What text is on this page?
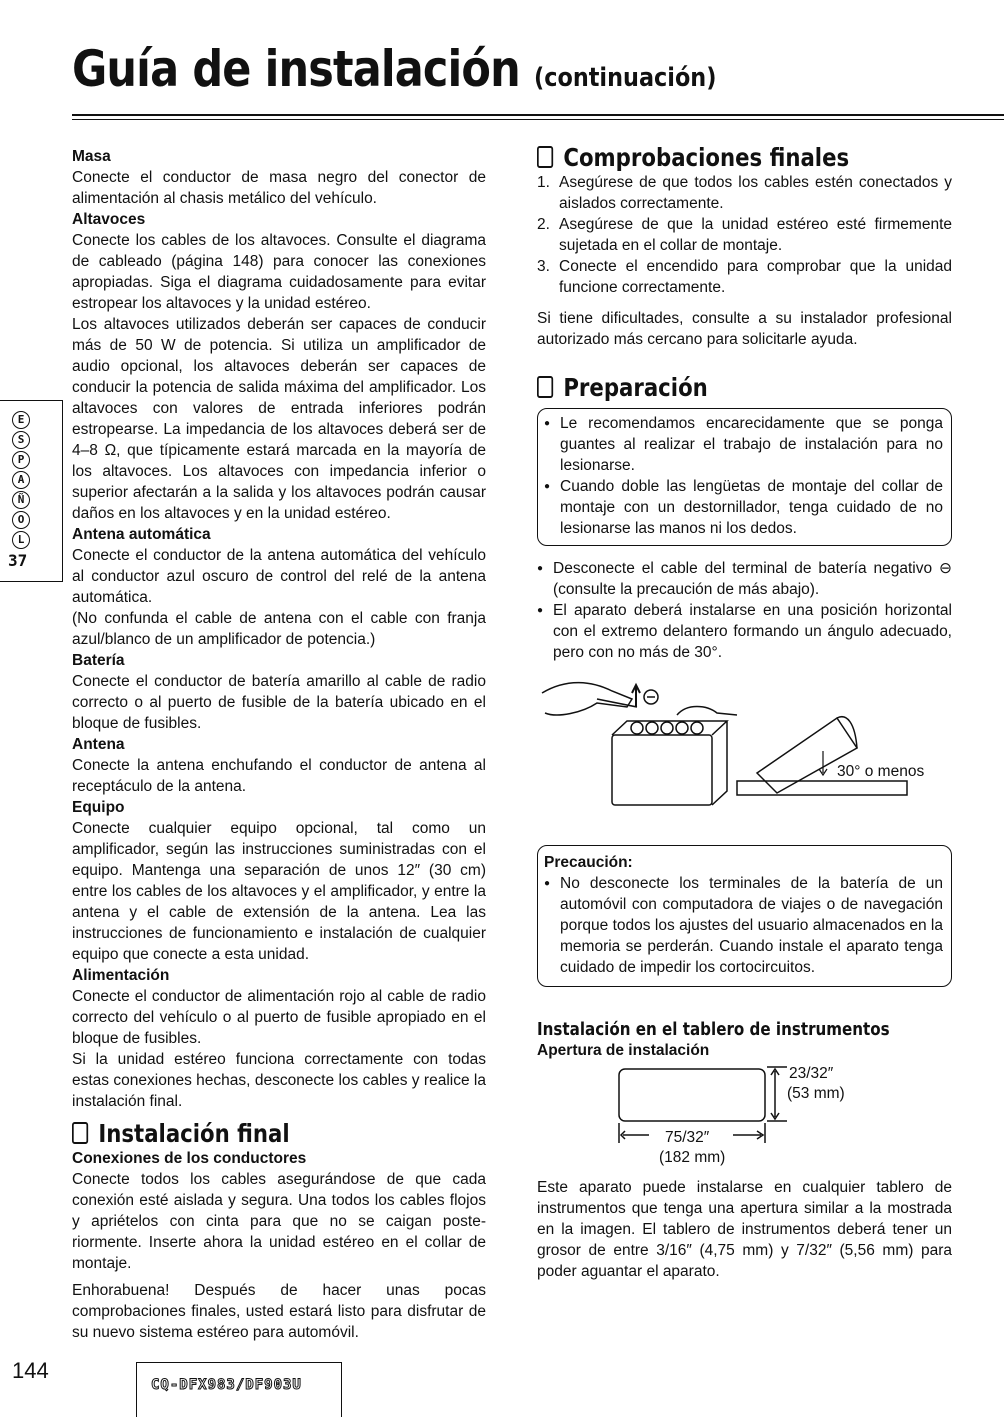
Guía de instalación (continuación)
E
S
P
A
Ñ
O
L
37
Masa

Conecte el conductor de masa negro del conector de alimentación al chasis metálico del vehículo.

Altavoces

Conecte los cables de los altavoces. Consulte el diagrama de cableado (página 148) para conocer las conexiones apropiadas. Siga el diagrama cuidadosamente para evitar estropear los altavoces y la unidad estéreo.

Los altavoces utilizados deberán ser capaces de conducir más de 50 W de potencia. Si utiliza un amplificador de audio opcional, los altavoces deberán ser capaces de conducir la potencia de salida máxima del amplificador. Los altavoces con valores de entrada inferiores podrán estropearse. La impedancia de los altavoces deberá ser de 4–8 Ω, que típicamente estará marcada en la mayoría de los altavoces. Los altavoces con impedancia inferior o superior afectarán a la salida y los altavoces podrán causar daños en los altavoces y en la unidad estéreo.

Antena automática

Conecte el conductor de la antena automática del vehículo al conductor azul oscuro de control del relé de la antena automática.

(No confunda el cable de antena con el cable con franja azul/blanco de un amplificador de potencia.)

Batería

Conecte el conductor de batería amarillo al cable de radio correcto o al puerto de fusible de la batería ubicado en el bloque de fusibles.

Antena

Conecte la antena enchufando el conductor de antena al receptáculo de la antena.

Equipo

Conecte cualquier equipo opcional, tal como un amplificador, según las instrucciones suministradas con el equipo. Mantenga una separación de unos 12″ (30 cm) entre los cables de los altavoces y el amplificador, y entre la antena y el cable de extensión de la antena. Lea las instrucciones de funcionamiento e instalación de cualquier equipo que conecte a esta unidad.

Alimentación

Conecte el conductor de alimentación rojo al cable de radio correcto del vehículo o al puerto de fusible apropiado en el bloque de fusibles.

Si la unidad estéreo funciona correctamente con todas estas conexiones hechas, desconecte los cables y realice la instalación final.

Instalación final
Conexiones de los conductores

Conecte todos los cables asegurándose de que cada conexión esté aislada y segura. Una todos los cables flojos y apriételos con cinta para que no se caigan poste-riormente. Inserte ahora la unidad estéreo en el collar de montaje.

Enhorabuena! Después de hacer unas pocas comprobaciones finales, usted estará listo para disfrutar de su nuevo sistema estéreo para automóvil.

Comprobaciones finales
1. Asegúrese de que todos los cables estén conectados y aislados correctamente.
2. Asegúrese de que la unidad estéreo esté firmemente sujetada en el collar de montaje.
3. Conecte el encendido para comprobar que la unidad funcione correctamente.

Si tiene dificultades, consulte a su instalador profesional autorizado más cercano para solicitarle ayuda.

Preparación
● Le recomendamos encarecidamente que se ponga guantes al realizar el trabajo de instalación para no lesionarse.
● Cuando doble las lengüetas de montaje del collar de montaje con un destornillador, tenga cuidado de no lesionarse las manos ni los dedos.
● Desconecte el cable del terminal de batería negativo ⊖ (consulte la precaución de más abajo).
● El aparato deberá instalarse en una posición horizontal con el extremo delantero formando un ángulo adecuado, pero con no más de 30°.
30° o menos
Precaución:
● No desconecte los terminales de la batería de un automóvil con computadora de viajes o de navegación porque todos los ajustes del usuario almacenados en la memoria se perderán. Cuando instale el aparato tenga cuidado de impedir los cortocircuitos.
Instalación en el tablero de instrumentos
Apertura de instalación
23/32″
(53 mm)
75/32″
(182 mm)

Este aparato puede instalarse en cualquier tablero de instrumentos que tenga una apertura similar a la mostrada en la imagen. El tablero de instrumentos deberá tener un grosor de entre 3/16″ (4,75 mm) y 7/32″ (5,56 mm) para poder aguantar el aparato.

144
CQ-DFX983/DF903U
